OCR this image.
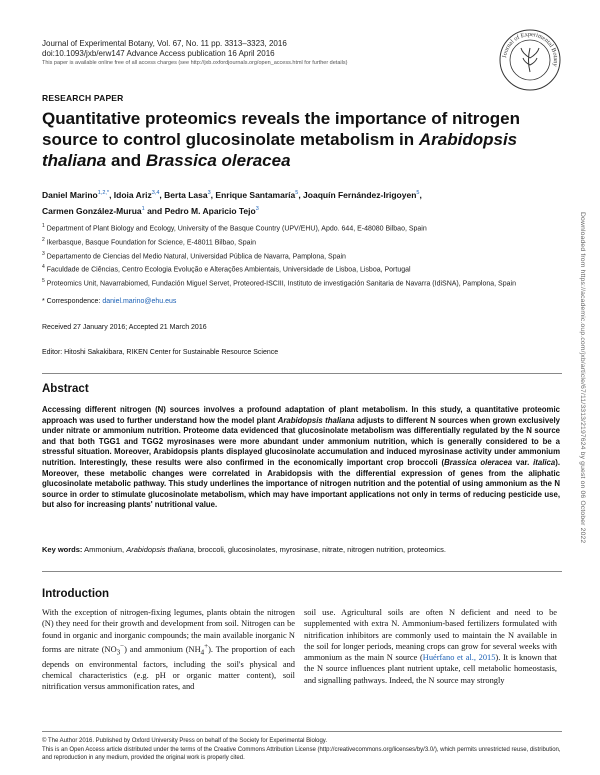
Journal of Experimental Botany, Vol. 67, No. 11 pp. 3313–3323, 2016
doi:10.1093/jxb/erw147 Advance Access publication 16 April 2016
This paper is available online free of all access charges (see http://jxb.oxfordjournals.org/open_access.html for further details)
Journal of Experimental Botany
RESEARCH PAPER
Quantitative proteomics reveals the importance of nitrogen source to control glucosinolate metabolism in Arabidopsis thaliana and Brassica oleracea
Daniel Marino$^{1,2,*}$, Idoia Ariz$^{3,4}$, Berta Lasa$^3$, Enrique Santamaría$^5$, Joaquín Fernández-Irigoyen$^5$,
Carmen González-Murua$^1$ and Pedro M. Aparicio Tejo$^3$
$^1$ Department of Plant Biology and Ecology, University of the Basque Country (UPV/EHU), Apdo. 644, E-48080 Bilbao, Spain
$^2$ Ikerbasque, Basque Foundation for Science, E-48011 Bilbao, Spain
$^3$ Departamento de Ciencias del Medio Natural, Universidad Pública de Navarra, Pamplona, Spain
$^4$ Faculdade de Ciências, Centro Ecologia Evolução e Alterações Ambientais, Universidade de Lisboa, Lisboa, Portugal
$^5$ Proteomics Unit, Navarrabiomed, Fundación Miguel Servet, Proteored-ISCIII, Instituto de investigación Sanitaria de Navarra (IdiSNA), Pamplona, Spain
* Correspondence: daniel.marino@ehu.eus
Received 27 January 2016; Accepted 21 March 2016
Editor: Hitoshi Sakakibara, RIKEN Center for Sustainable Resource Science
Abstract
Accessing different nitrogen (N) sources involves a profound adaptation of plant metabolism. In this study, a quantitative proteomic approach was used to further understand how the model plant Arabidopsis thaliana adjusts to different N sources when grown exclusively under nitrate or ammonium nutrition. Proteome data evidenced that glucosinolate metabolism was differentially regulated by the N source and that both TGG1 and TGG2 myrosinases were more abundant under ammonium nutrition, which is generally considered to be a stressful situation. Moreover, Arabidopsis plants displayed glucosinolate accumulation and induced myrosinase activity under ammonium nutrition. Interestingly, these results were also confirmed in the economically important crop broccoli (Brassica oleracea var. italica). Moreover, these metabolic changes were correlated in Arabidopsis with the differential expression of genes from the aliphatic glucosinolate metabolic pathway. This study underlines the importance of nitrogen nutrition and the potential of using ammonium as the N source in order to stimulate glucosinolate metabolism, which may have important applications not only in terms of reducing pesticide use, but also for increasing plants' nutritional value.
Key words: Ammonium, Arabidopsis thaliana, broccoli, glucosinolates, myrosinase, nitrate, nitrogen nutrition, proteomics.
Introduction
With the exception of nitrogen-fixing legumes, plants obtain the nitrogen (N) they need for their growth and development from soil. Nitrogen can be found in organic and inorganic compounds; the main available inorganic N forms are nitrate $(NO_3^-)$ and ammonium $(NH_4^+)$. The proportion of each depends on environmental factors, including the soil's physical and chemical characteristics (e.g. pH or organic matter content), soil nitrification versus ammonification rates, and
soil use. Agricultural soils are often N deficient and need to be supplemented with extra N. Ammonium-based fertilizers formulated with nitrification inhibitors are commonly used to maintain the N available in the soil for longer periods, meaning crops can grow for several weeks with ammonium as the main N source (Huérfano et al., 2015). It is known that the N source influences plant nutrient uptake, cell metabolic homeostasis, and signalling pathways. Indeed, the N source may strongly
© The Author 2016. Published by Oxford University Press on behalf of the Society for Experimental Biology.
This is an Open Access article distributed under the terms of the Creative Commons Attribution License (http://creativecommons.org/licenses/by/3.0/), which permits unrestricted reuse, distribution, and reproduction in any medium, provided the original work is properly cited.
Downloaded from https://academic.oup.com/jxb/article/67/11/3313/2197624 by guest on 06 October 2022
